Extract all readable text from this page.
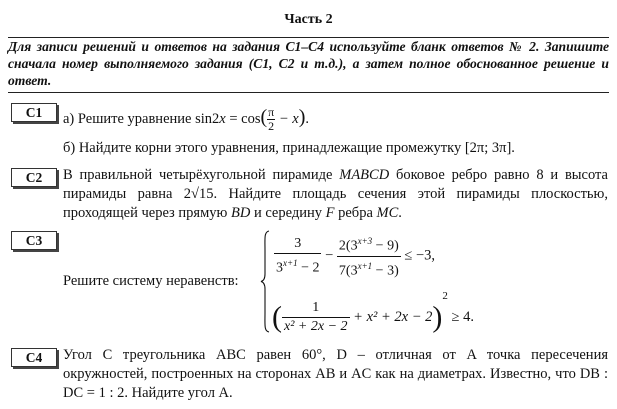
Часть 2
Для записи решений и ответов на задания С1–С4 используйте бланк ответов № 2. Запишите сначала номер выполняемого задания (С1, С2 и т.д.), а затем полное обоснованное решение и ответ.
C1	а) Решите уравнение $\sin 2x = \cos( \frac{\pi}{2} - x)$.
б) Найдите корни этого уравнения, принадлежащие промежутку [2π; 3π].
C2	В правильной четырёхугольной пирамиде MABCD боковое ребро равно 8 и высота пирамиды равна 2√15. Найдите площадь сечения этой пирамиды плоскостью, проходящей через прямую BD и середину F ребра MC.
C3
Решите систему неравенств:
$\frac{3}{3^{x+1} - 2} - \frac{2(3^{x+3} - 9)}{7(3^{x+1} - 3)} \le -3$,
( $\frac{1}{\text{x² + 2x − 2}} + x^2 + 2x - 2)^2 \ge 4$.
C4	Угол C треугольника ABC равен 60°, D – отличная от A точка пересечения окружностей, построенных на сторонах AB и AC как на диаметрах. Известно, что DB : DC = 1 : 2. Найдите угол A.
